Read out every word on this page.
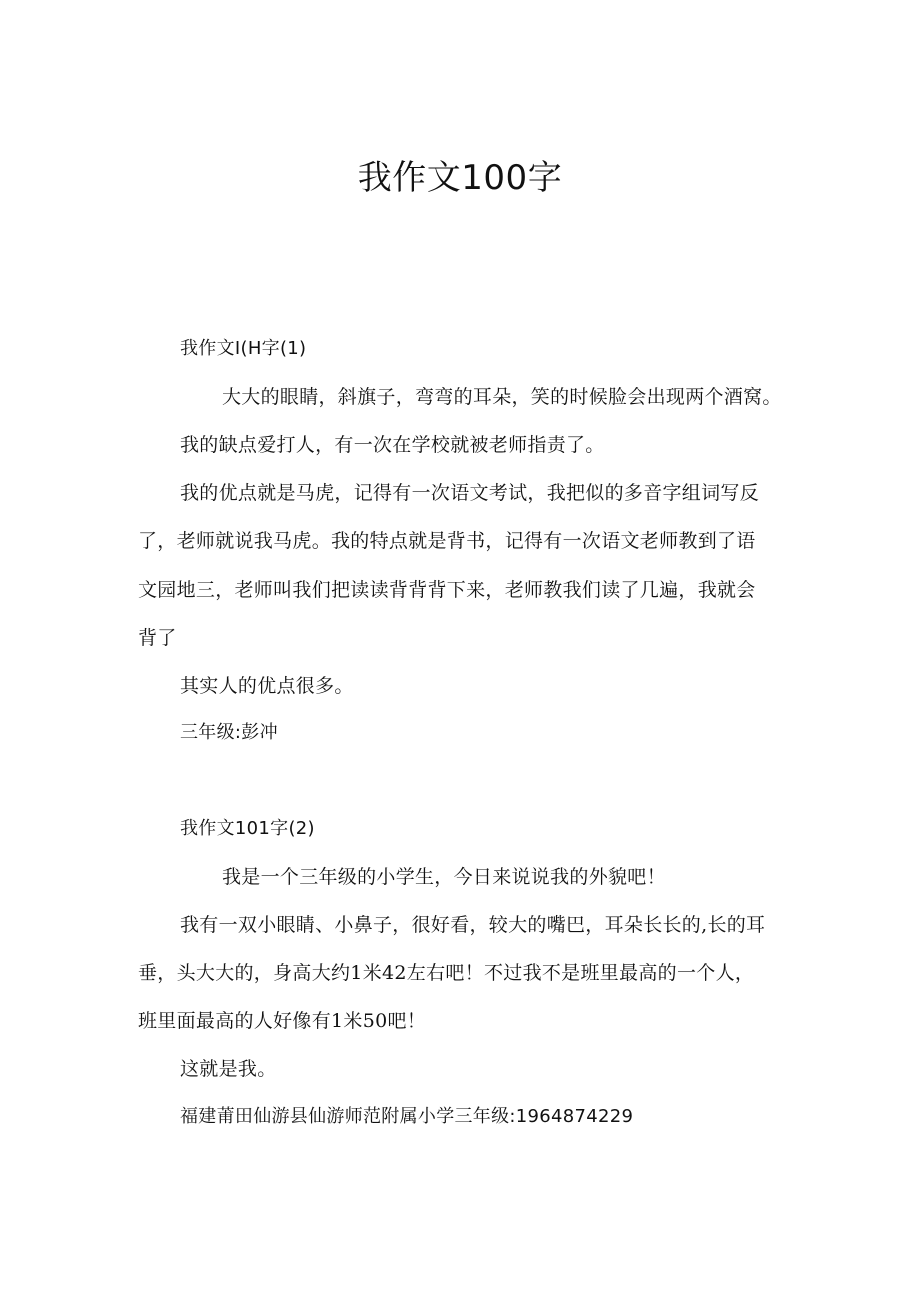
我作文100字

我作文I(H字(1)

大大的眼睛，斜旗子，弯弯的耳朵，笑的时候脸会出现两个酒窝。

我的缺点爱打人，有一次在学校就被老师指责了。

我的优点就是马虎，记得有一次语文考试，我把似的多音字组词写反

了，老师就说我马虎。我的特点就是背书，记得有一次语文老师教到了语

文园地三，老师叫我们把读读背背背下来，老师教我们读了几遍，我就会

背了

其实人的优点很多。

三年级:彭冲

我作文101字(2)

我是一个三年级的小学生，今日来说说我的外貌吧！

我有一双小眼睛、小鼻子，很好看，较大的嘴巴，耳朵长长的,长的耳

垂，头大大的，身高大约1米42左右吧！不过我不是班里最高的一个人，

班里面最高的人好像有1米50吧！

这就是我。

福建莆田仙游县仙游师范附属小学三年级:1964874229
